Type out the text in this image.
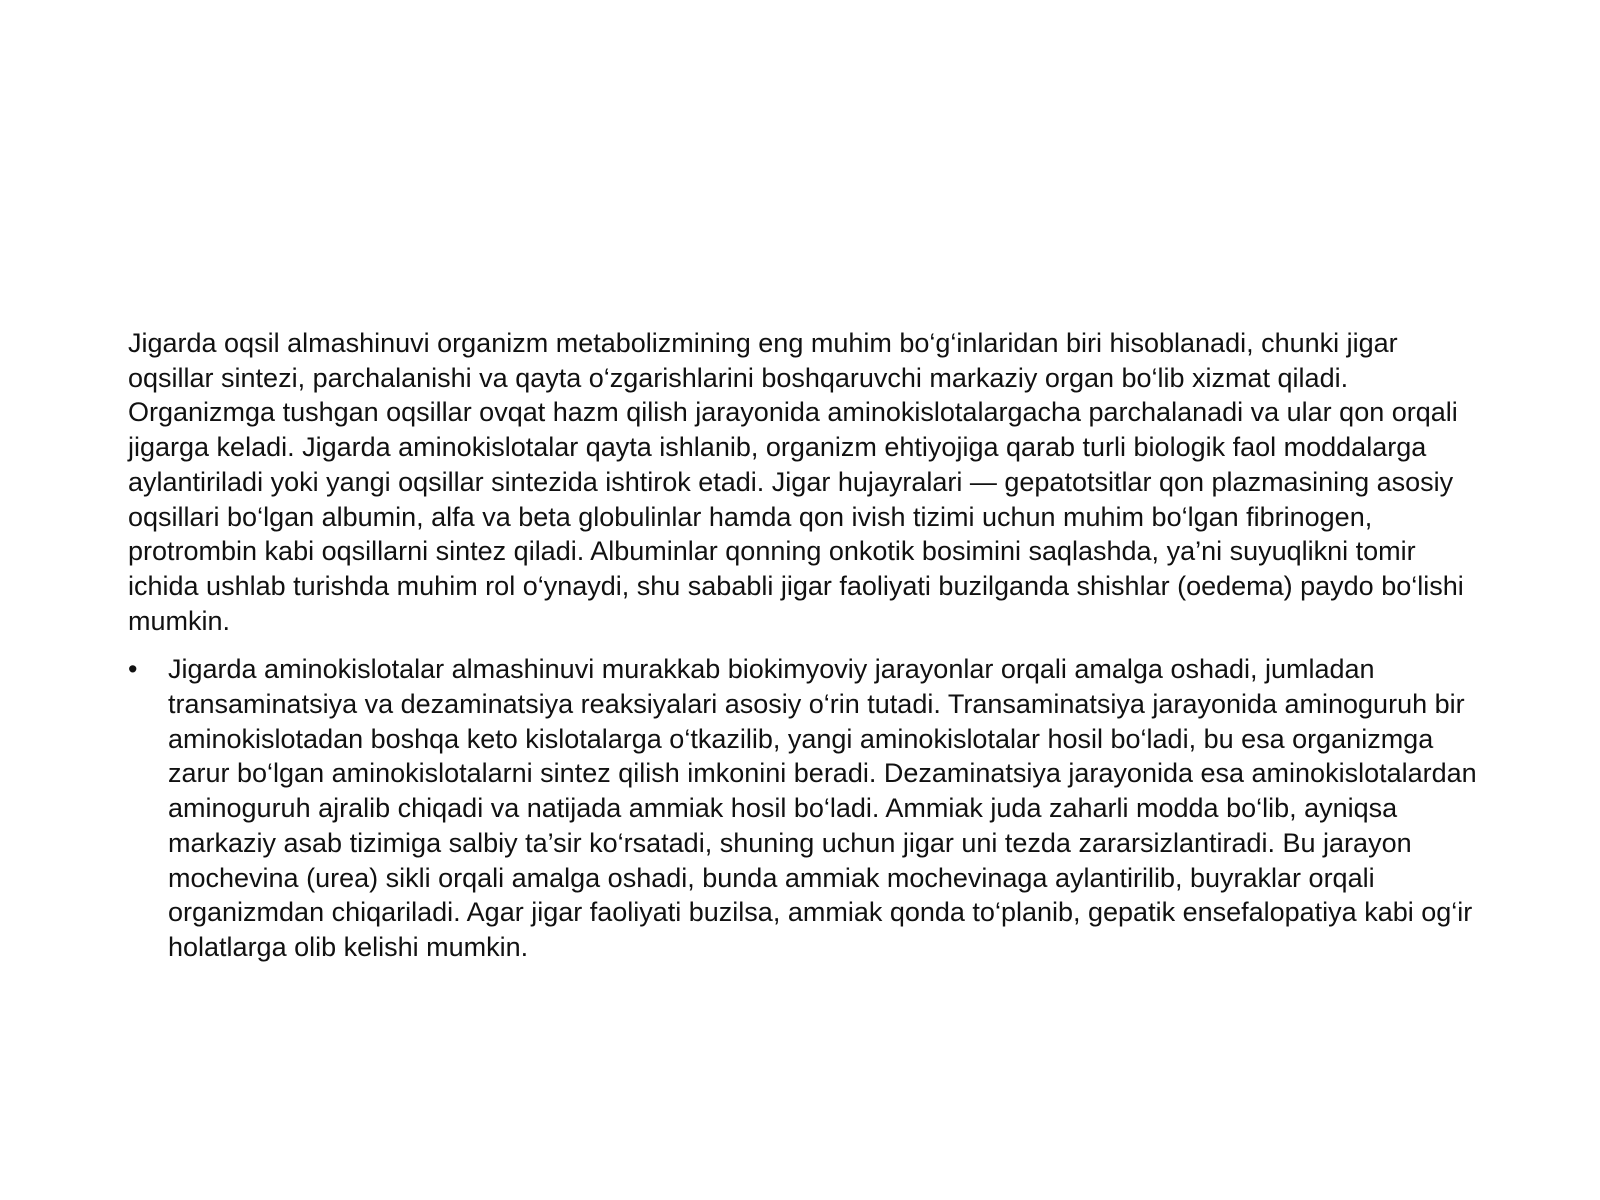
Jigarda oqsil almashinuvi organizm metabolizmining eng muhim bo‘g‘inlaridan biri hisoblanadi, chunki jigar oqsillar sintezi, parchalanishi va qayta o‘zgarishlarini boshqaruvchi markaziy organ bo‘lib xizmat qiladi. Organizmga tushgan oqsillar ovqat hazm qilish jarayonida aminokislotalargacha parchalanadi va ular qon orqali jigarga keladi. Jigarda aminokislotalar qayta ishlanib, organizm ehtiyojiga qarab turli biologik faol moddalarga aylantiriladi yoki yangi oqsillar sintezida ishtirok etadi. Jigar hujayralari — gepatotsitlar qon plazmasining asosiy oqsillari bo‘lgan albumin, alfa va beta globulinlar hamda qon ivish tizimi uchun muhim bo‘lgan fibrinogen, protrombin kabi oqsillarni sintez qiladi. Albuminlar qonning onkotik bosimini saqlashda, ya’ni suyuqlikni tomir ichida ushlab turishda muhim rol o‘ynaydi, shu sababli jigar faoliyati buzilganda shishlar (oedema) paydo bo‘lishi mumkin.

•	Jigarda aminokislotalar almashinuvi murakkab biokimyoviy jarayonlar orqali amalga oshadi, jumladan transaminatsiya va dezaminatsiya reaksiyalari asosiy o‘rin tutadi. Transaminatsiya jarayonida aminoguruh bir aminokislotadan boshqa keto kislotalarga o‘tkazilib, yangi aminokislotalar hosil bo‘ladi, bu esa organizmga zarur bo‘lgan aminokislotalarni sintez qilish imkonini beradi. Dezaminatsiya jarayonida esa aminokislotalardan aminoguruh ajralib chiqadi va natijada ammiak hosil bo‘ladi. Ammiak juda zaharli modda bo‘lib, ayniqsa markaziy asab tizimiga salbiy ta’sir ko‘rsatadi, shuning uchun jigar uni tezda zararsizlantiradi. Bu jarayon mochevina (urea) sikli orqali amalga oshadi, bunda ammiak mochevinaga aylantirilib, buyraklar orqali organizmdan chiqariladi. Agar jigar faoliyati buzilsa, ammiak qonda to‘planib, gepatik ensefalopatiya kabi og‘ir holatlarga olib kelishi mumkin.
